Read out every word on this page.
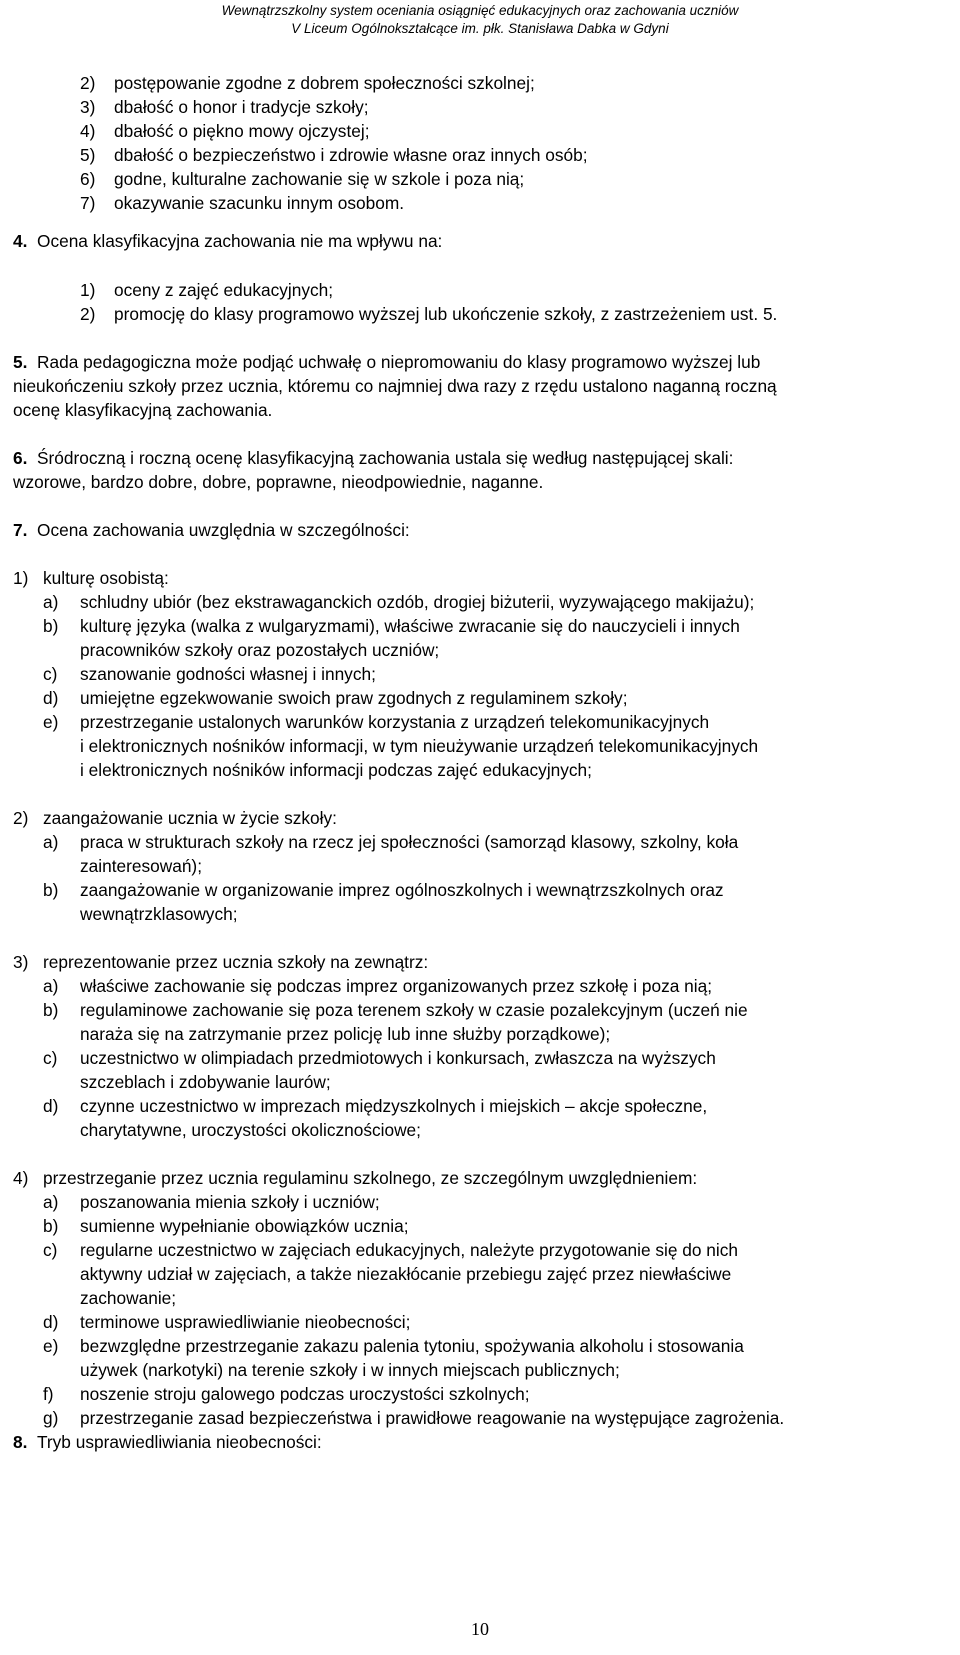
Wewnątrzszkolny system oceniania osiągnięć edukacyjnych oraz zachowania uczniów
V Liceum Ogólnokształcące im. płk. Stanisława Dabka w Gdyni
2) postępowanie zgodne z dobrem społeczności szkolnej;
3) dbałość o honor i tradycje szkoły;
4) dbałość o piękno mowy ojczystej;
5) dbałość o bezpieczeństwo i zdrowie własne oraz innych osób;
6) godne, kulturalne zachowanie się w szkole i poza nią;
7) okazywanie szacunku innym osobom.
4. Ocena klasyfikacyjna zachowania nie ma wpływu na:
1) oceny z zajęć edukacyjnych;
2) promocję do klasy programowo wyższej lub ukończenie szkoły, z zastrzeżeniem ust. 5.
5. Rada pedagogiczna może podjąć uchwałę o niepromowaniu do klasy programowo wyższej lub
nieukończeniu szkoły przez ucznia, któremu co najmniej dwa razy z rzędu ustalono naganną roczną
ocenę klasyfikacyjną zachowania.
6. Śródroczną i roczną ocenę klasyfikacyjną zachowania ustala się według następującej skali:
wzorowe, bardzo dobre, dobre, poprawne, nieodpowiednie, naganne.
7. Ocena zachowania uwzględnia w szczególności:
1) kulturę osobistą:
a) schludny ubiór (bez ekstrawaganckich ozdób, drogiej biżuterii, wyzywającego makijażu);
b) kulturę języka (walka z wulgaryzmami), właściwe zwracanie się do nauczycieli i innych
pracowników szkoły oraz pozostałych uczniów;
c) szanowanie godności własnej i innych;
d) umiejętne egzekwowanie swoich praw zgodnych z regulaminem szkoły;
e) przestrzeganie ustalonych warunków korzystania z urządzeń telekomunikacyjnych
i elektronicznych nośników informacji, w tym nieużywanie urządzeń telekomunikacyjnych
i elektronicznych nośników informacji podczas zajęć edukacyjnych;
2) zaangażowanie ucznia w życie szkoły:
a) praca w strukturach szkoły na rzecz jej społeczności (samorząd klasowy, szkolny, koła
zainteresowań);
b) zaangażowanie w organizowanie imprez ogólnoszkolnych i wewnątrzszkolnych oraz
wewnątrzklasowych;
3) reprezentowanie przez ucznia szkoły na zewnątrz:
a) właściwe zachowanie się podczas imprez organizowanych przez szkołę i poza nią;
b) regulaminowe zachowanie się poza terenem szkoły w czasie pozalekcyjnym (uczeń nie
naraża się na zatrzymanie przez policję lub inne służby porządkowe);
c) uczestnictwo w olimpiadach przedmiotowych i konkursach, zwłaszcza na wyższych
szczeblach i zdobywanie laurów;
d) czynne uczestnictwo w imprezach międzyszkolnych i miejskich – akcje społeczne,
charytatywne, uroczystości okolicznościowe;
4) przestrzeganie przez ucznia regulaminu szkolnego, ze szczególnym uwzględnieniem:
a) poszanowania mienia szkoły i uczniów;
b) sumienne wypełnianie obowiązków ucznia;
c) regularne uczestnictwo w zajęciach edukacyjnych, należyte przygotowanie się do nich
aktywny udział w zajęciach, a także niezakłócanie przebiegu zajęć przez niewłaściwe
zachowanie;
d) terminowe usprawiedliwianie nieobecności;
e) bezwzględne przestrzeganie zakazu palenia tytoniu, spożywania alkoholu i stosowania
używek (narkotyki) na terenie szkoły i w innych miejscach publicznych;
f) noszenie stroju galowego podczas uroczystości szkolnych;
g) przestrzeganie zasad bezpieczeństwa i prawidłowe reagowanie na występujące zagrożenia.
8. Tryb usprawiedliwiania nieobecności:
10
